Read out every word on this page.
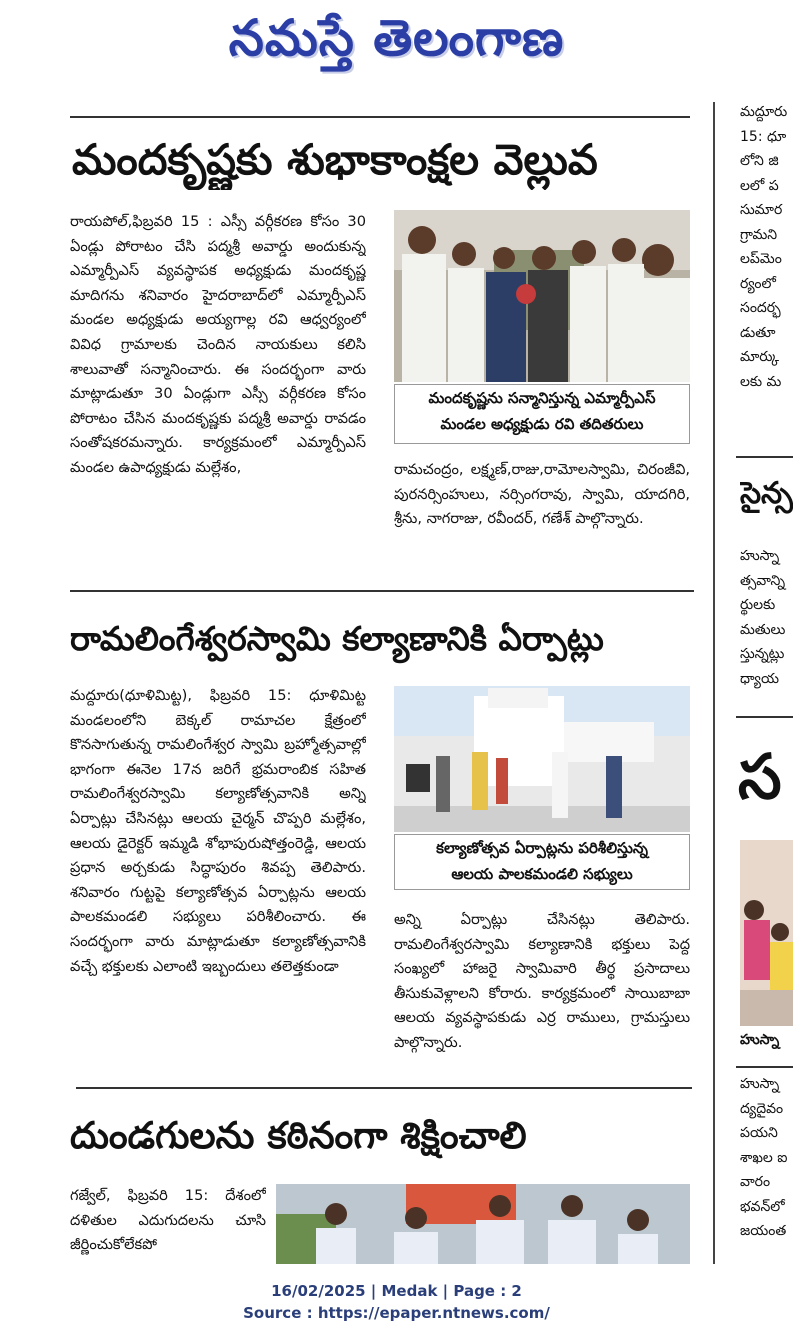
నమస్తే తెలంగాణ
మందకృష్ణకు శుభాకాంక్షల వెల్లువ

రాయపోల్,ఫిబ్రవరి 15 : ఎస్సీ వర్గీకరణ కోసం 30 ఏండ్లు పోరాటం చేసి పద్మశ్రీ అవార్డు అందుకున్న ఎమ్మార్పీఎస్ వ్యవస్థాపక అధ్యక్షుడు మందకృష్ణ మాదిగను శనివారం హైదరాబాద్‌లో ఎమ్మార్పీఎస్ మండల అధ్యక్షుడు అయ్యగాల్ల రవి ఆధ్వర్యంలో వివిధ గ్రామాలకు చెందిన నాయకులు కలిసి శాలువాతో సన్మానించారు. ఈ సందర్భంగా వారు మాట్లాడుతూ 30 ఏండ్లుగా ఎస్సీ వర్గీకరణ కోసం పోరాటం చేసిన మందకృష్ణకు పద్మశ్రీ అవార్డు రావడం సంతోషకరమన్నారు. కార్యక్రమంలో ఎమ్మార్పీఎస్ మండల ఉపాధ్యక్షుడు మల్లేశం,

మందకృష్ణను సన్మానిస్తున్న ఎమ్మార్పీఎస్
మండల అధ్యక్షుడు రవి తదితరులు

రామచంద్రం, లక్ష్మణ్,రాజు,రామోలస్వామి, చిరంజీవి, పురనర్సింహులు, నర్సింగరావు, స్వామి, యాదగిరి, శ్రీను, నాగరాజు, రవీందర్, గణేశ్ పాల్గొన్నారు.

రామలింగేశ్వరస్వామి కల్యాణానికి ఏర్పాట్లు

మద్దూరు(ధూళిమిట్ట), ఫిబ్రవరి 15: ధూళిమిట్ట మండలంలోని బెక్కల్ రామాచల క్షేత్రంలో కొనసాగుతున్న రామలింగేశ్వర స్వామి బ్రహ్మోత్సవాల్లో భాగంగా ఈనెల 17న జరిగే భ్రమరాంబిక సహిత రామలింగేశ్వరస్వామి కల్యాణోత్సవానికి అన్ని ఏర్పాట్లు చేసినట్లు ఆలయ చైర్మన్ చొప్పరి మల్లేశం, ఆలయ డైరెక్టర్ ఇమ్మడి శోభాపురుషోత్తంరెడ్డి, ఆలయ ప్రధాన అర్చకుడు సిద్ధాపురం శివప్ప తెలిపారు. శనివారం గుట్టపై కల్యాణోత్సవ ఏర్పాట్లను ఆలయ పాలకమండలి సభ్యులు పరిశీలించారు. ఈ సందర్భంగా వారు మాట్లాడుతూ కల్యాణోత్సవానికి వచ్చే భక్తులకు ఎలాంటి ఇబ్బందులు తలెత్తకుండా

కల్యాణోత్సవ ఏర్పాట్లను పరిశీలిస్తున్న
ఆలయ పాలకమండలి సభ్యులు

అన్ని ఏర్పాట్లు చేసినట్లు తెలిపారు. రామలింగేశ్వరస్వామి కల్యాణానికి భక్తులు పెద్ద సంఖ్యలో హాజరై స్వామివారి తీర్థ ప్రసాదాలు తీసుకువెళ్లాలని కోరారు. కార్యక్రమంలో సాయిబాబా ఆలయ వ్యవస్థాపకుడు ఎర్ర రాములు, గ్రామస్తులు పాల్గొన్నారు.

దుండగులను కఠినంగా శిక్షించాలి

గజ్వేల్, ఫిబ్రవరి 15: దేశంలో దళితుల ఎదుగుదలను చూసి జీర్ణించుకోలేకపో

మద్దూరు
15: ధూ
లోని జి
లలో ప
సుమార
గ్రామని
లప్‌మెం
ర్యంలో
సందర్భ
డుతూ
మార్కు
లకు మ
సైన్స
హుస్నా
త్సవాన్ని
ర్థులకు
మతులు
స్తున్నట్లు
ధ్యాయ
స
హుస్నా
హుస్నా
ద్యదైవం
పయని
శాఖల ఐ
వారం
భవన్‌లో
జయంత
16/02/2025 | Medak | Page : 2
Source : https://epaper.ntnews.com/
